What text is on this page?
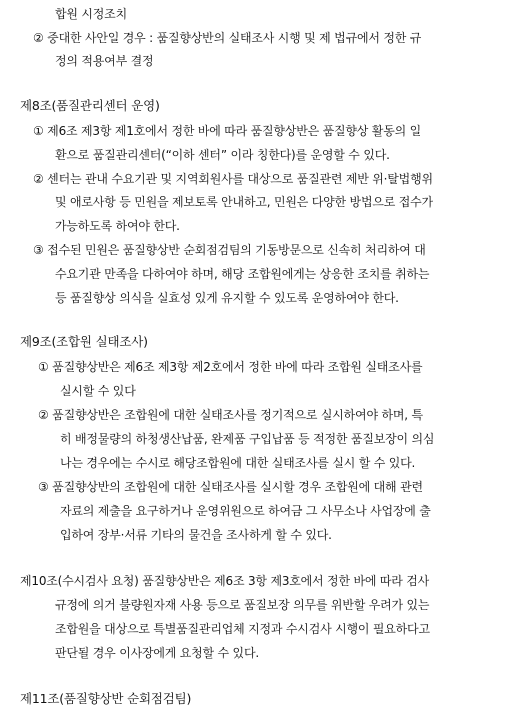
합원 시정조치
② 중대한 사안일 경우 : 품질향상반의 실태조사 시행 및 제 법규에서 정한 규
정의 적용여부 결정
제8조(품질관리센터 운영)
① 제6조 제3항 제1호에서 정한 바에 따라 품질향상반은 품질향상 활동의 일
환으로 품질관리센터(“이하 센터” 이라 칭한다)를 운영할 수 있다.
② 센터는 관내 수요기관 및 지역회원사를 대상으로 품질관련 제반 위·탈법행위
및 애로사항 등 민원을 제보토록 안내하고, 민원은 다양한 방법으로 접수가
가능하도록 하여야 한다.
③ 접수된 민원은 품질향상반 순회점검팀의 기동방문으로 신속히 처리하여 대
수요기관 만족을 다하여야 하며, 해당 조합원에게는 상응한 조치를 취하는
등 품질향상 의식을 실효성 있게 유지할 수 있도록 운영하여야 한다.
제9조(조합원 실태조사)
① 품질향상반은 제6조 제3항 제2호에서 정한 바에 따라 조합원 실태조사를
실시할 수 있다
② 품질향상반은 조합원에 대한 실태조사를 정기적으로 실시하여야 하며, 특
히 배정물량의 하청생산납품, 완제품 구입납품 등 적정한 품질보장이 의심
나는 경우에는 수시로 해당조합원에 대한 실태조사를 실시 할 수 있다.
③ 품질향상반의 조합원에 대한 실태조사를 실시할 경우 조합원에 대해 관련
자료의 제출을 요구하거나 운영위원으로 하여금 그 사무소나 사업장에 출
입하여 장부·서류 기타의 물건을 조사하게 할 수 있다.
제10조(수시검사 요청) 품질향상반은 제6조 3항 제3호에서 정한 바에 따라 검사
규정에 의거 불량원자재 사용 등으로 품질보장 의무를 위반할 우려가 있는
조합원을 대상으로 특별품질관리업체 지정과 수시검사 시행이 필요하다고
판단될 경우 이사장에게 요청할 수 있다.
제11조(품질향상반 순회점검팀)
